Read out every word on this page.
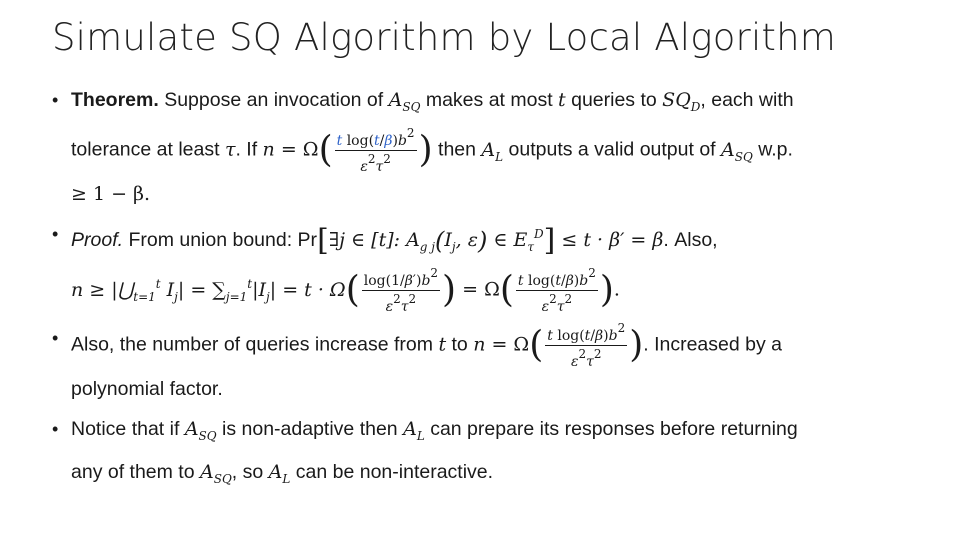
Simulate SQ Algorithm by Local Algorithm
• Theorem. Suppose an invocation of $A_{SQ}$ makes at most t queries to $SQ_D$, each with
tolerance at least τ. If $n = \Omega( \frac{\text{t log(t/β)b2}}{\varepsilon 2\tau 2}$ ) then $A_L$ outputs a valid output of $A_{SQ}$ w.p.
≥ 1 − β.
• Proof. From union bound: Pr[∃j ∈ [t]: $A_{g j}(I_j$, ε) ∈ $E_\tau^D] \le t \cdot \beta' = \beta$. Also,
$n \ge |⋃_{t=1}^t$ $I_j| = \sum_{j=1}^t|I_j| = t \cdot \Omega( \frac{\log(1/\beta')b2}{\varepsilon 2\tau 2}$ ) = $\Omega( \frac{\text{t log(t/β)b2}}{\varepsilon 2\tau 2}$ ).
• Also, the number of queries increase from t to $n = \Omega( \frac{\text{t log(t/β)b2}}{\varepsilon 2\tau 2}$ ). Increased by a
polynomial factor.
• Notice that if $A_{SQ}$ is non-adaptive then $A_L$ can prepare its responses before returning
any of them to $A_{SQ}$, so $A_L$ can be non-interactive.
